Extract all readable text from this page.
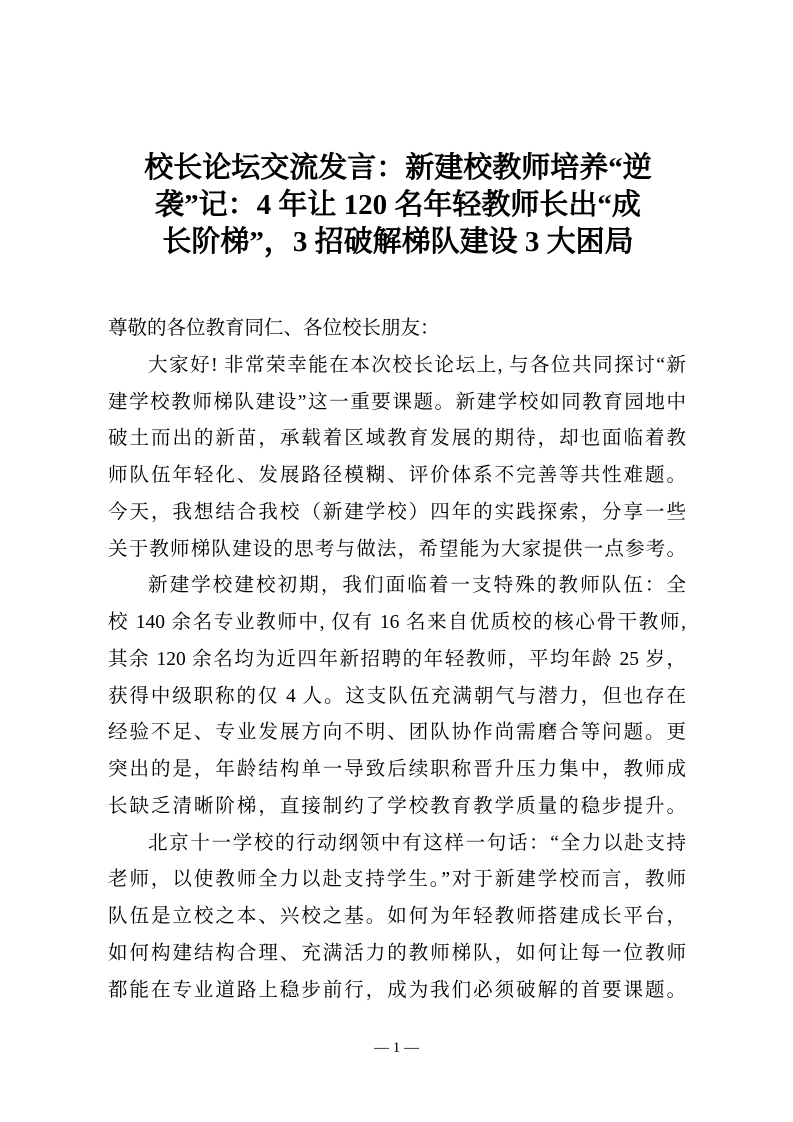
校长论坛交流发言：新建校教师培养“逆
袭”记：4 年让 120 名年轻教师长出“成
长阶梯”，3 招破解梯队建设 3 大困局
尊敬的各位教育同仁、各位校长朋友：
大家好! 非常荣幸能在本次校长论坛上, 与各位共同探讨“新
建学校教师梯队建设”这一重要课题。新建学校如同教育园地中
破土而出的新苗，承载着区域教育发展的期待，却也面临着教
师队伍年轻化、发展路径模糊、评价体系不完善等共性难题。
今天，我想结合我校（新建学校）四年的实践探索，分享一些
关于教师梯队建设的思考与做法，希望能为大家提供一点参考。
新建学校建校初期，我们面临着一支特殊的教师队伍：全
校 140 余名专业教师中, 仅有 16 名来自优质校的核心骨干教师,
其余 120 余名均为近四年新招聘的年轻教师，平均年龄 25 岁，
获得中级职称的仅 4 人。这支队伍充满朝气与潜力，但也存在
经验不足、专业发展方向不明、团队协作尚需磨合等问题。更
突出的是，年龄结构单一导致后续职称晋升压力集中，教师成
长缺乏清晰阶梯，直接制约了学校教育教学质量的稳步提升。
北京十一学校的行动纲领中有这样一句话：“全力以赴支持
老师，以使教师全力以赴支持学生。”对于新建学校而言，教师
队伍是立校之本、兴校之基。如何为年轻教师搭建成长平台，
如何构建结构合理、充满活力的教师梯队，如何让每一位教师
都能在专业道路上稳步前行，成为我们必须破解的首要课题。
— 1 —
